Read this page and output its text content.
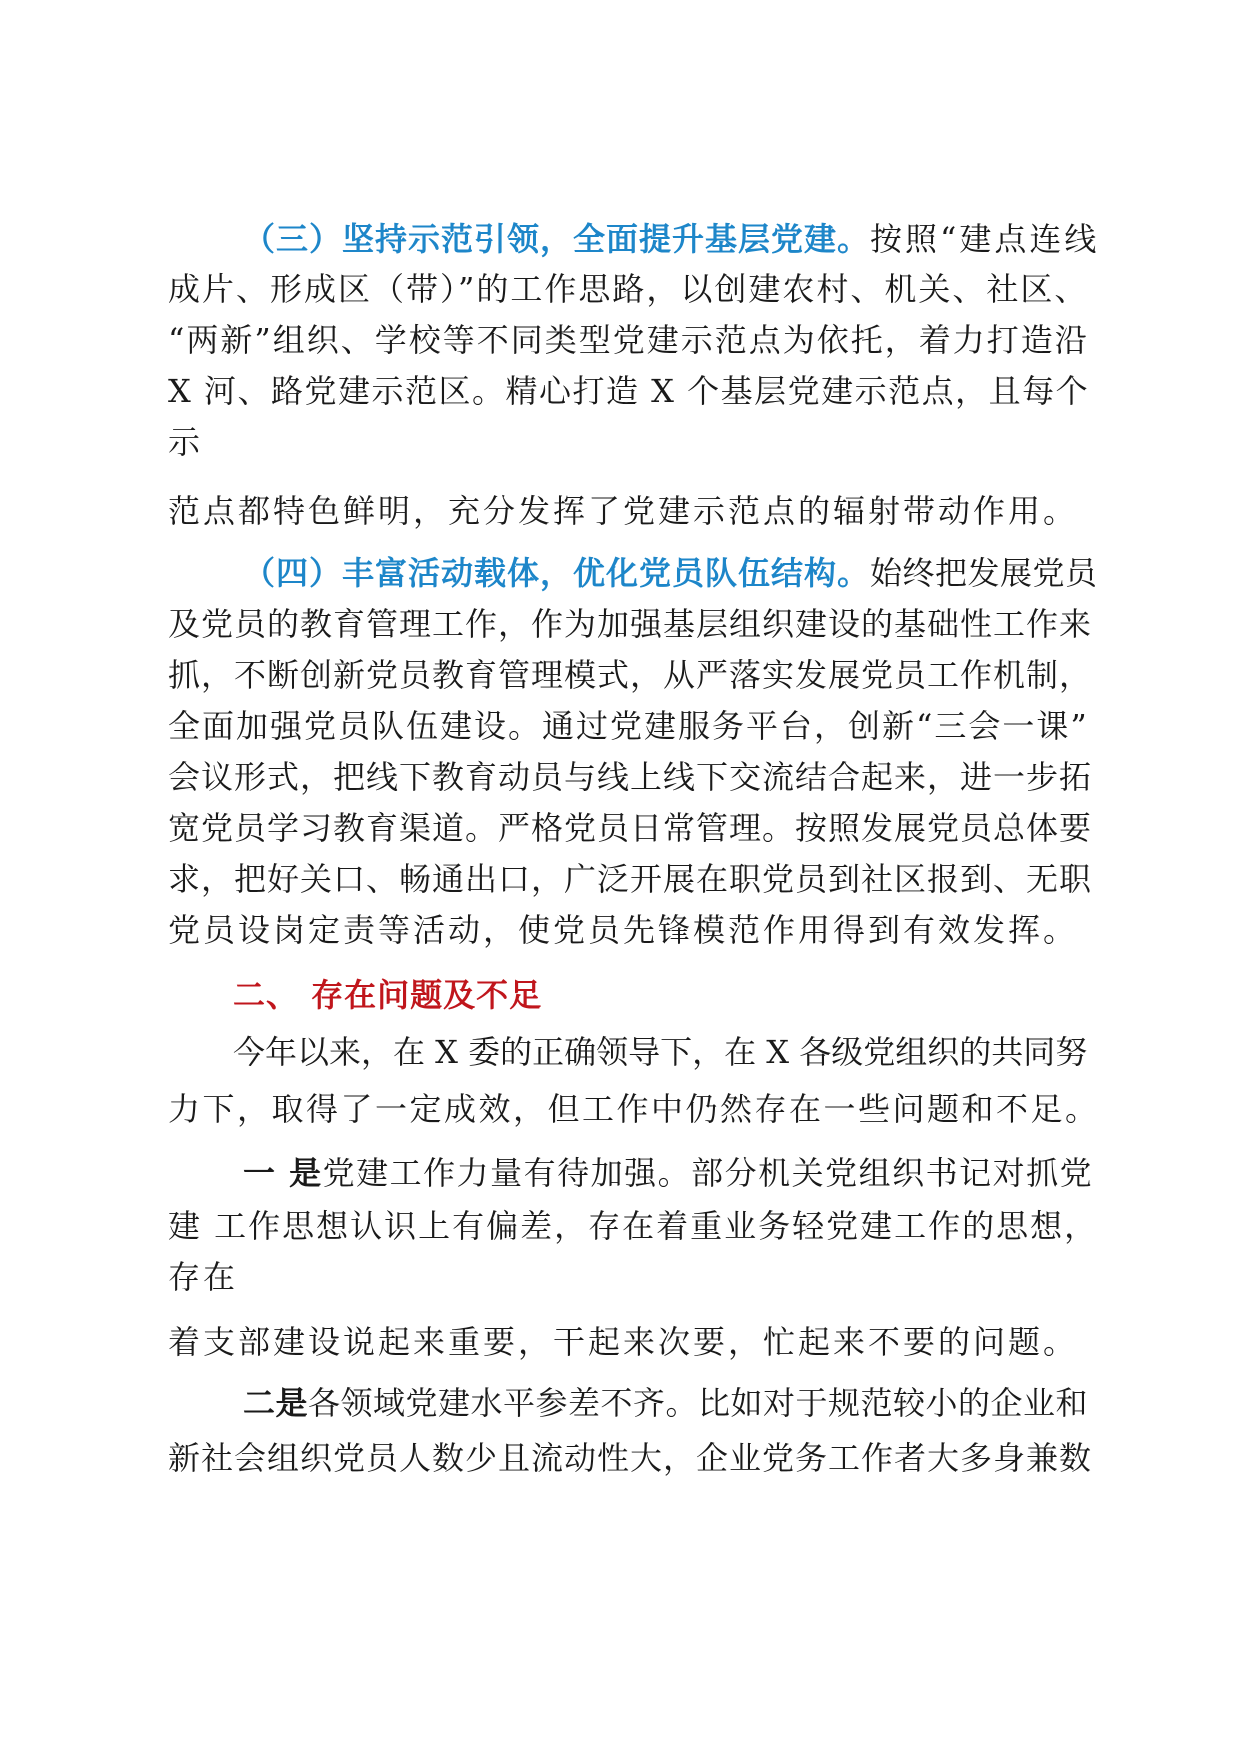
（三）坚持示范引领，全面提升基层党建。按照“建点连线
成片、形成区（带）”的工作思路，以创建农村、机关、社区、
“两新”组织、学校等不同类型党建示范点为依托，着力打造沿
X 河、路党建示范区。精心打造 X 个基层党建示范点，且每个
示
范点都特色鲜明，充分发挥了党建示范点的辐射带动作用。
（四）丰富活动载体，优化党员队伍结构。始终把发展党员
及党员的教育管理工作，作为加强基层组织建设的基础性工作来
抓，不断创新党员教育管理模式，从严落实发展党员工作机制，
全面加强党员队伍建设。通过党建服务平台，创新“三会一课”
会议形式，把线下教育动员与线上线下交流结合起来，进一步拓
宽党员学习教育渠道。严格党员日常管理。按照发展党员总体要
求，把好关口、畅通出口，广泛开展在职党员到社区报到、无职
党员设岗定责等活动，使党员先锋模范作用得到有效发挥。
二、 存在问题及不足
今年以来，在 X 委的正确领导下，在 X 各级党组织的共同努
力下，取得了一定成效，但工作中仍然存在一些问题和不足。
一 是党建工作力量有待加强。部分机关党组织书记对抓党
建 工作思想认识上有偏差，存在着重业务轻党建工作的思想，
存在
着支部建设说起来重要，干起来次要，忙起来不要的问题。
二是各领域党建水平参差不齐。比如对于规范较小的企业和
新社会组织党员人数少且流动性大，企业党务工作者大多身兼数
